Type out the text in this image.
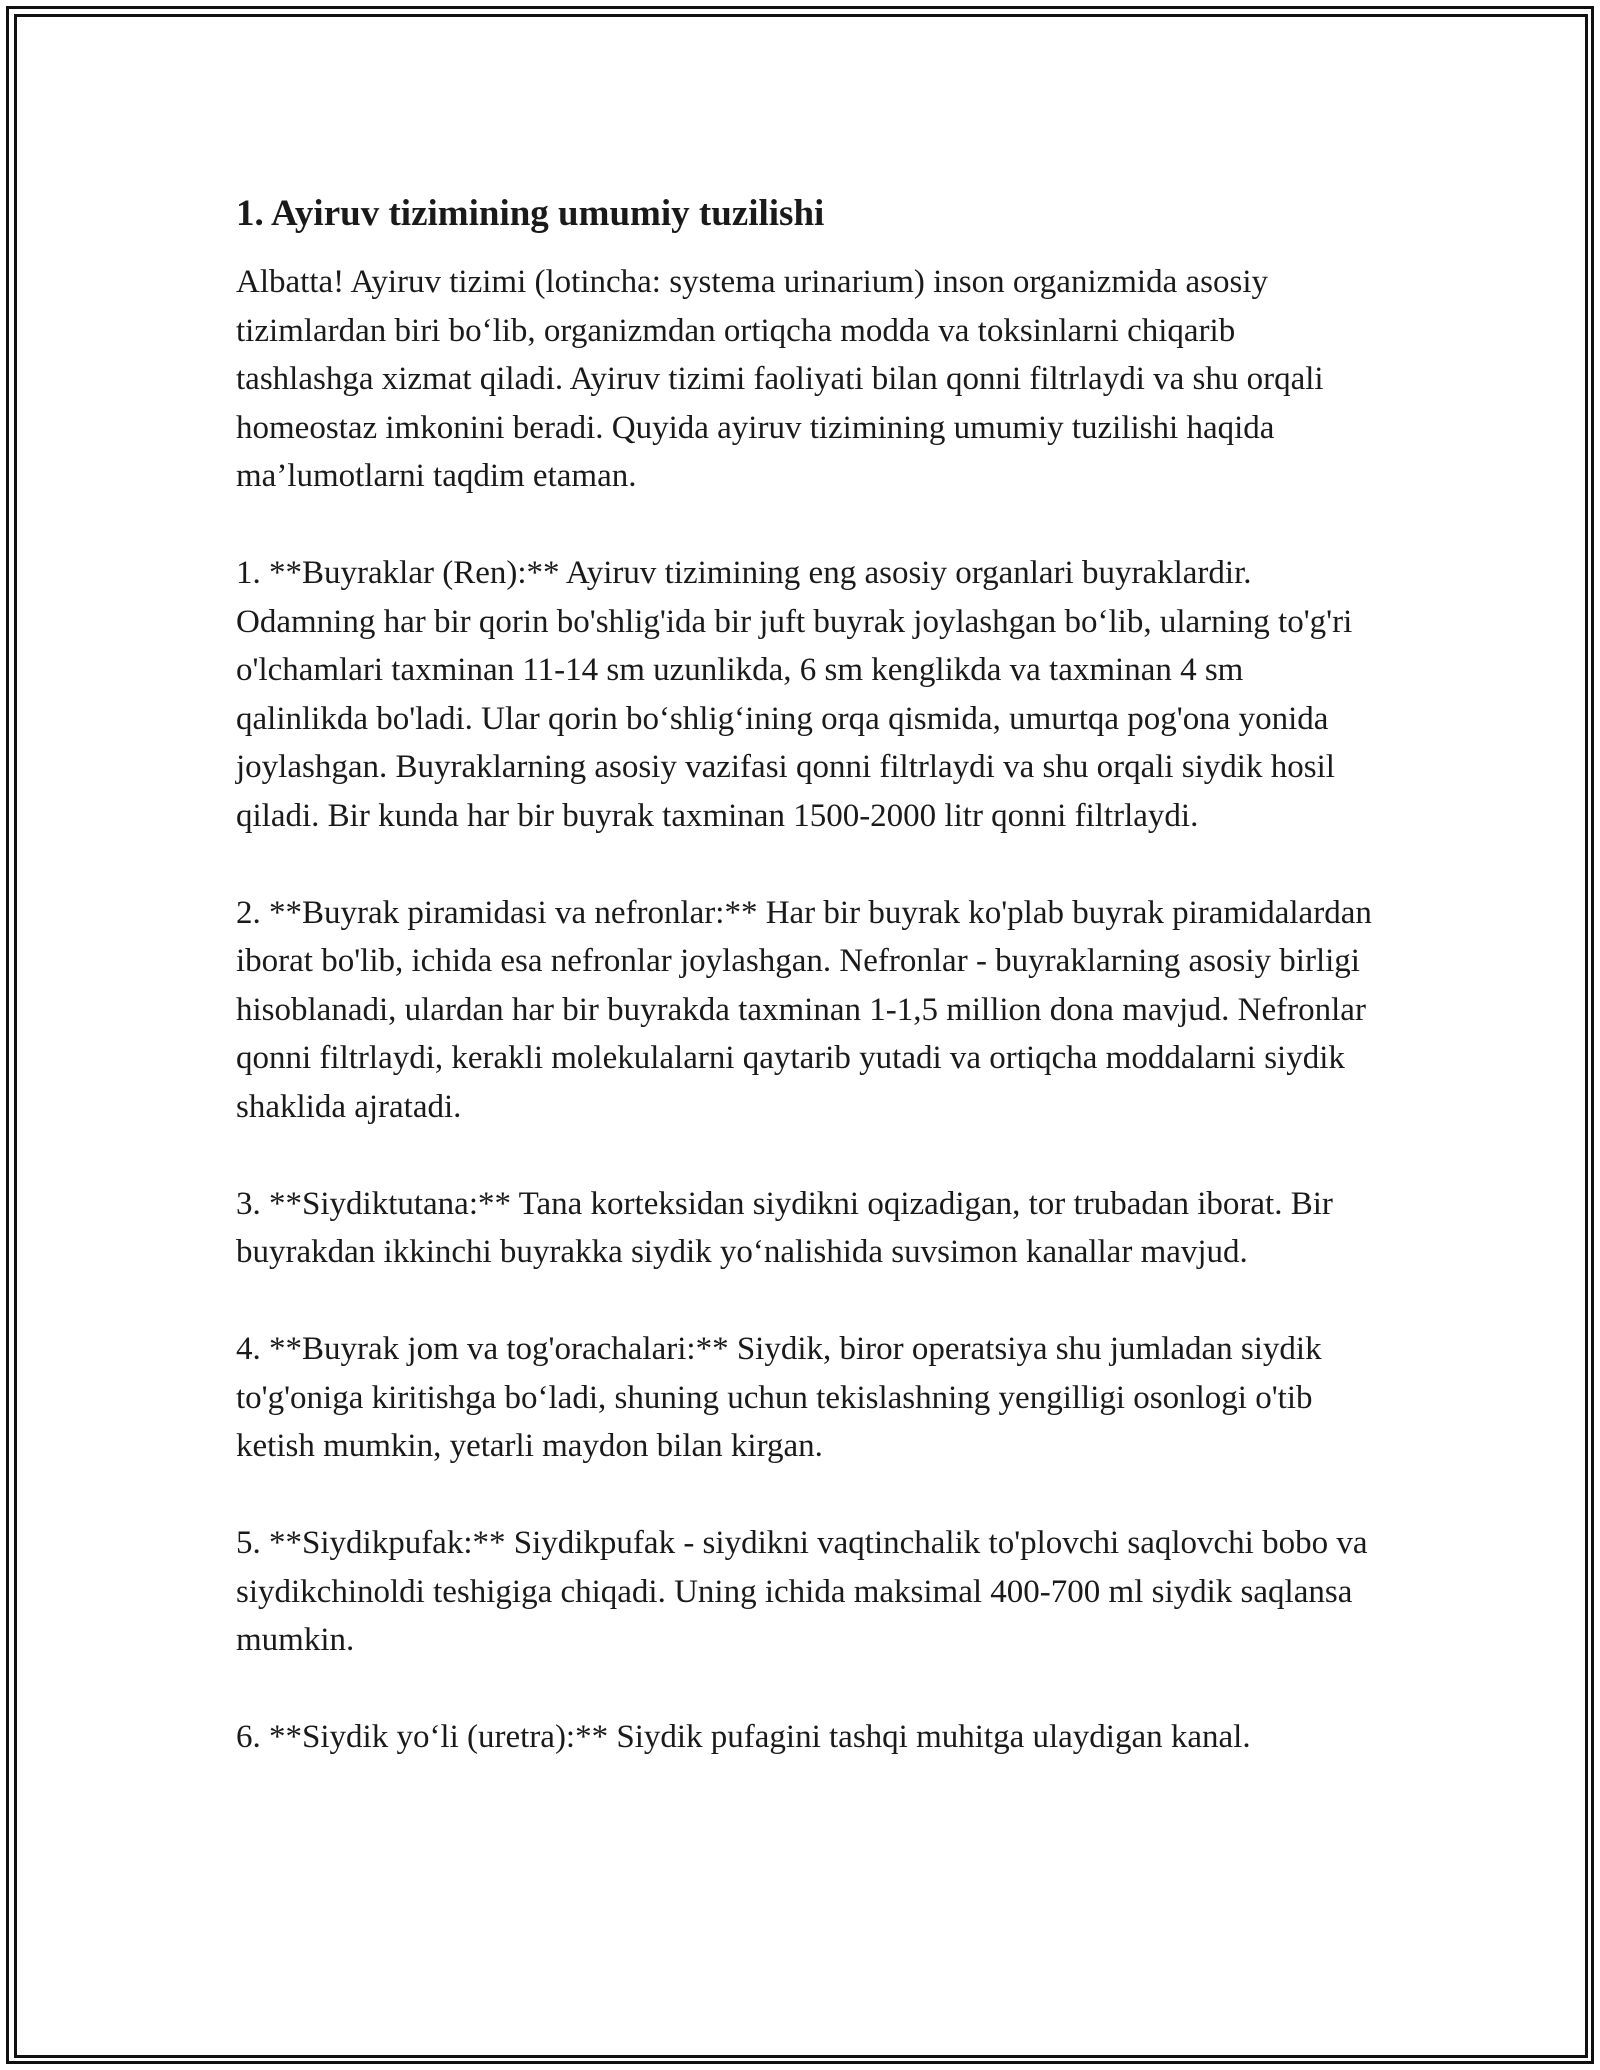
1. Ayiruv tizimining umumiy tuzilishi

Albatta! Ayiruv tizimi (lotincha: systema urinarium) inson organizmida asosiy tizimlardan biri bo‘lib, organizmdan ortiqcha modda va toksinlarni chiqarib tashlashga xizmat qiladi. Ayiruv tizimi faoliyati bilan qonni filtrlaydi va shu orqali homeostaz imkonini beradi. Quyida ayiruv tizimining umumiy tuzilishi haqida ma’lumotlarni taqdim etaman.

1. **Buyraklar (Ren):** Ayiruv tizimining eng asosiy organlari buyraklardir. Odamning har bir qorin bo'shlig'ida bir juft buyrak joylashgan bo‘lib, ularning to'g'ri o'lchamlari taxminan 11-14 sm uzunlikda, 6 sm kenglikda va taxminan 4 sm qalinlikda bo'ladi. Ular qorin bo‘shlig‘ining orqa qismida, umurtqa pog'ona yonida joylashgan. Buyraklarning asosiy vazifasi qonni filtrlaydi va shu orqali siydik hosil qiladi. Bir kunda har bir buyrak taxminan 1500-2000 litr qonni filtrlaydi.

2. **Buyrak piramidasi va nefronlar:** Har bir buyrak ko'plab buyrak piramidalardan iborat bo'lib, ichida esa nefronlar joylashgan. Nefronlar - buyraklarning asosiy birligi hisoblanadi, ulardan har bir buyrakda taxminan 1-1,5 million dona mavjud. Nefronlar qonni filtrlaydi, kerakli molekulalarni qaytarib yutadi va ortiqcha moddalarni siydik shaklida ajratadi.

3. **Siydiktutana:** Tana korteksidan siydikni oqizadigan, tor trubadan iborat. Bir buyrakdan ikkinchi buyrakka siydik yo‘nalishida suvsimon kanallar mavjud.

4. **Buyrak jom va tog'orachalari:** Siydik, biror operatsiya shu jumladan siydik to'g'oniga kiritishga bo‘ladi, shuning uchun tekislashning yengilligi osonlogi o'tib ketish mumkin, yetarli maydon bilan kirgan.

5. **Siydikpufak:** Siydikpufak - siydikni vaqtinchalik to'plovchi saqlovchi bobo va siydikchinoldi teshigiga chiqadi. Uning ichida maksimal 400-700 ml siydik saqlansa mumkin.

6. **Siydik yo‘li (uretra):** Siydik pufagini tashqi muhitga ulaydigan kanal.
